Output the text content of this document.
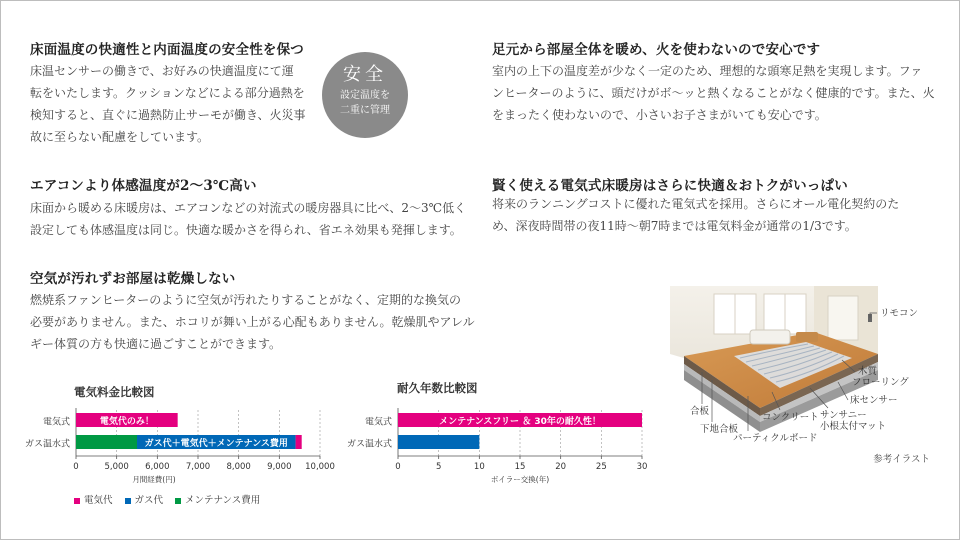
床面温度の快適性と内面温度の安全性を保つ
床温センサーの働きで、お好みの快適温度にて運
転をいたします。クッションなどによる部分過熱を
検知すると、直ぐに過熱防止サーモが働き、火災事
故に至らない配慮をしています。
安全
設定温度を
二重に管理
足元から部屋全体を暖め、火を使わないので安心です
室内の上下の温度差が少なく一定のため、理想的な頭寒足熱を実現します。ファ
ンヒーターのように、頭だけがボ～ッと熱くなることがなく健康的です。また、火
をまったく使わないので、小さいお子さまがいても安心です。
エアコンより体感温度が2～3℃高い
床面から暖める床暖房は、エアコンなどの対流式の暖房器具に比べ、2～3℃低く
設定しても体感温度は同じ。快適な暖かさを得られ、省エネ効果も発揮します。
賢く使える電気式床暖房はさらに快適＆おトクがいっぱい
将来のランニングコストに優れた電気式を採用。さらにオール電化契約のた
め、深夜時間帯の夜11時～朝7時までは電気料金が通常の1/3です。
空気が汚れずお部屋は乾燥しない
燃焼系ファンヒーターのように空気が汚れたりすることがなく、定期的な換気の
必要がありません。また、ホコリが舞い上がる心配もありません。乾燥肌やアレル
ギー体質の方も快適に過ごすことができます。
電気料金比較図
0	5,000 6,000 7,000 8,000 9,000 10,000
電気式	電気代のみ！
ガス温水式	ガス代＋電気代＋メンテナンス費用
月間経費(円)
耐久年数比較図
0	5	10	15	20	25	30
電気式	メンテナンスフリー ＆ 30年の耐久性！
ガス温水式
ボイラー交換(年)
電気代	ガス代	メンテナンス費用
リモコン
木質
フローリング
床センサー
合板
下地合板
コンクリート サンサニー
小根太付マット
パーティクルボード
参考イラスト
